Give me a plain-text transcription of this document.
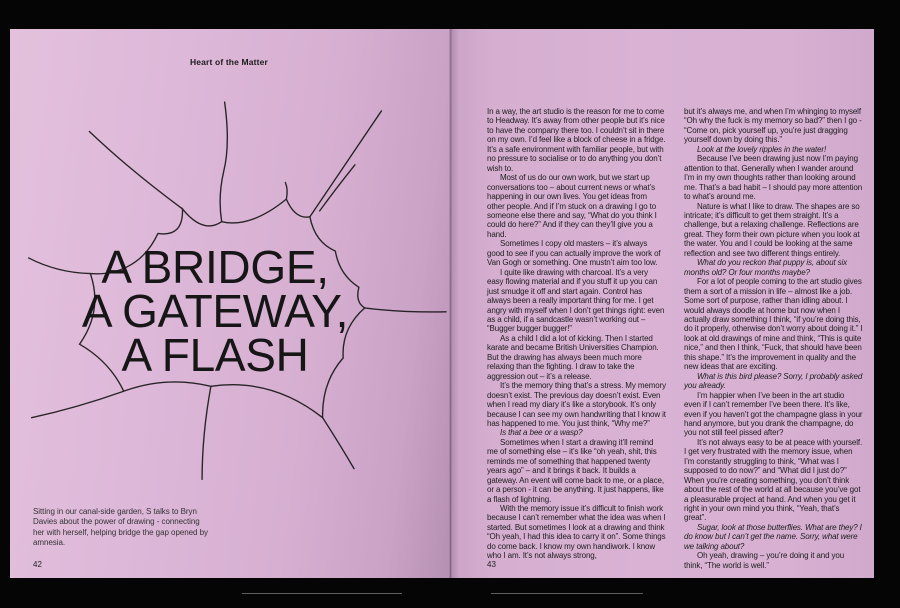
Heart of the Matter
A BRIDGE,
A GATEWAY,
A FLASH

Sitting in our canal-side garden, S talks to Bryn Davies about the power of drawing - connecting her with herself, helping bridge the gap opened by amnesia.

42

In a way, the art studio is the reason for me to come to Headway. It’s away from other people but it’s nice to have the company there too. I couldn’t sit in there on my own. I’d feel like a block of cheese in a fridge. It’s a safe environment with familiar people, but with no pressure to socialise or to do anything you don’t wish to.

Most of us do our own work, but we start up conversations too – about current news or what’s happening in our own lives. You get ideas from other people. And if I’m stuck on a drawing I go to someone else there and say, “What do you think I could do here?” And if they can they’ll give you a hand.

Sometimes I copy old masters – it’s always good to see if you can actually improve the work of Van Gogh or something. One mustn’t aim too low.

I quite like drawing with charcoal. It’s a very easy flowing material and if you stuff it up you can just smudge it off and start again. Control has always been a really important thing for me. I get angry with myself when I don’t get things right: even as a child, if a sandcastle wasn’t working out – “Bugger bugger bugger!”

As a child I did a lot of kicking. Then I started karate and became British Universities Champion. But the drawing has always been much more relaxing than the fighting. I draw to take the aggression out – it’s a release.

It’s the memory thing that’s a stress. My memory doesn’t exist. The previous day doesn’t exist. Even when I read my diary it’s like a storybook. It’s only because I can see my own handwriting that I know it has happened to me. You just think, “Why me?”

Is that a bee or a wasp?

Sometimes when I start a drawing it’ll remind me of something else – it’s like “oh yeah, shit, this reminds me of something that happened twenty years ago” – and it brings it back. It builds a gateway. An event will come back to me, or a place, or a person - it can be anything. It just happens, like a flash of lightning.

With the memory issue it’s difficult to finish work because I can’t remember what the idea was when I started. But sometimes I look at a drawing and think “Oh yeah, I had this idea to carry it on”. Some things do come back. I know my own handiwork. I know who I am. It’s not always strong,

but it’s always me, and when I’m whinging to myself “Oh why the fuck is my memory so bad?” then I go - “Come on, pick yourself up, you’re just dragging yourself down by doing this.”

Look at the lovely ripples in the water!

Because I’ve been drawing just now I’m paying attention to that. Generally when I wander around I’m in my own thoughts rather than looking around me. That’s a bad habit – I should pay more attention to what’s around me.

Nature is what I like to draw. The shapes are so intricate; it’s difficult to get them straight. It’s a challenge, but a relaxing challenge. Reflections are great. They form their own picture when you look at the water. You and I could be looking at the same reflection and see two different things entirely.

What do you reckon that puppy is, about six months old? Or four months maybe?

For a lot of people coming to the art studio gives them a sort of a mission in life – almost like a job. Some sort of purpose, rather than idling about. I would always doodle at home but now when I actually draw something I think, “if you’re doing this, do it properly, otherwise don’t worry about doing it.” I look at old drawings of mine and think, “This is quite nice,” and then I think, “Fuck, that should have been this shape.” It’s the improvement in quality and the new ideas that are exciting.

What is this bird please? Sorry, I probably asked you already.

I’m happier when I’ve been in the art studio even if I can’t remember I’ve been there. It’s like, even if you haven’t got the champagne glass in your hand anymore, but you drank the champagne, do you not still feel pissed after?

It’s not always easy to be at peace with yourself. I get very frustrated with the memory issue, when I’m constantly struggling to think, “What was I supposed to do now?” and “What did I just do?” When you’re creating something, you don’t think about the rest of the world at all because you’ve got a pleasurable project at hand. And when you get it right in your own mind you think, “Yeah, that’s great”.

Sugar, look at those butterflies. What are they? I do know but I can’t get the name. Sorry, what were we talking about?

Oh yeah, drawing – you’re doing it and you think, “The world is well.”

43
